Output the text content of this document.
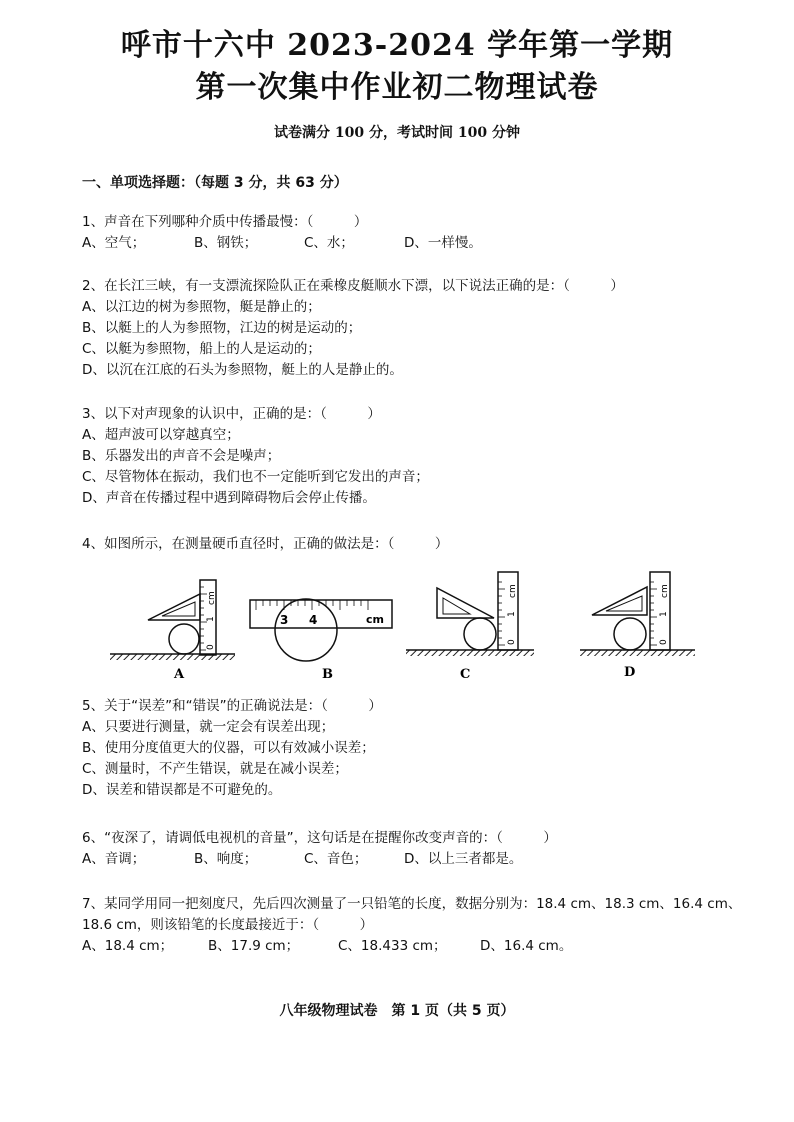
呼市十六中 2023-2024 学年第一学期
第一次集中作业初二物理试卷
试卷满分 100 分，考试时间 100 分钟
一、单项选择题：（每题 3 分，共 63 分）
1、声音在下列哪种介质中传播最慢：（　　　）
A、空气；	B、钢铁；	C、水；	D、一样慢。
2、在长江三峡，有一支漂流探险队正在乘橡皮艇顺水下漂，以下说法正确的是：（　　　）
A、以江边的树为参照物，艇是静止的；
B、以艇上的人为参照物，江边的树是运动的；
C、以艇为参照物，船上的人是运动的；
D、以沉在江底的石头为参照物，艇上的人是静止的。
3、以下对声现象的认识中，正确的是：（　　　）
A、超声波可以穿越真空；
B、乐器发出的声音不会是噪声；
C、尽管物体在振动，我们也不一定能听到它发出的声音；
D、声音在传播过程中遇到障碍物后会停止传播。
4、如图所示，在测量硬币直径时，正确的做法是：（　　　）
0
1
cm
A
3 4	cm
B
0
1
cm
C
0
1
cm
D
5、关于“误差”和“错误”的正确说法是：（　　　）
A、只要进行测量，就一定会有误差出现；
B、使用分度值更大的仪器，可以有效减小误差；
C、测量时，不产生错误，就是在减小误差；
D、误差和错误都是不可避免的。
6、“夜深了，请调低电视机的音量”，这句话是在提醒你改变声音的：（　　　）
A、音调；	B、响度；	C、音色；	D、以上三者都是。
7、某同学用同一把刻度尺，先后四次测量了一只铅笔的长度，数据分别为：18.4 cm、18.3 cm、16.4 cm、
18.6 cm，则该铅笔的长度最接近于：（　　　）
A、18.4 cm；	B、17.9 cm；	C、18.433 cm； D、16.4 cm。
八年级物理试卷　第 1 页（共 5 页）
